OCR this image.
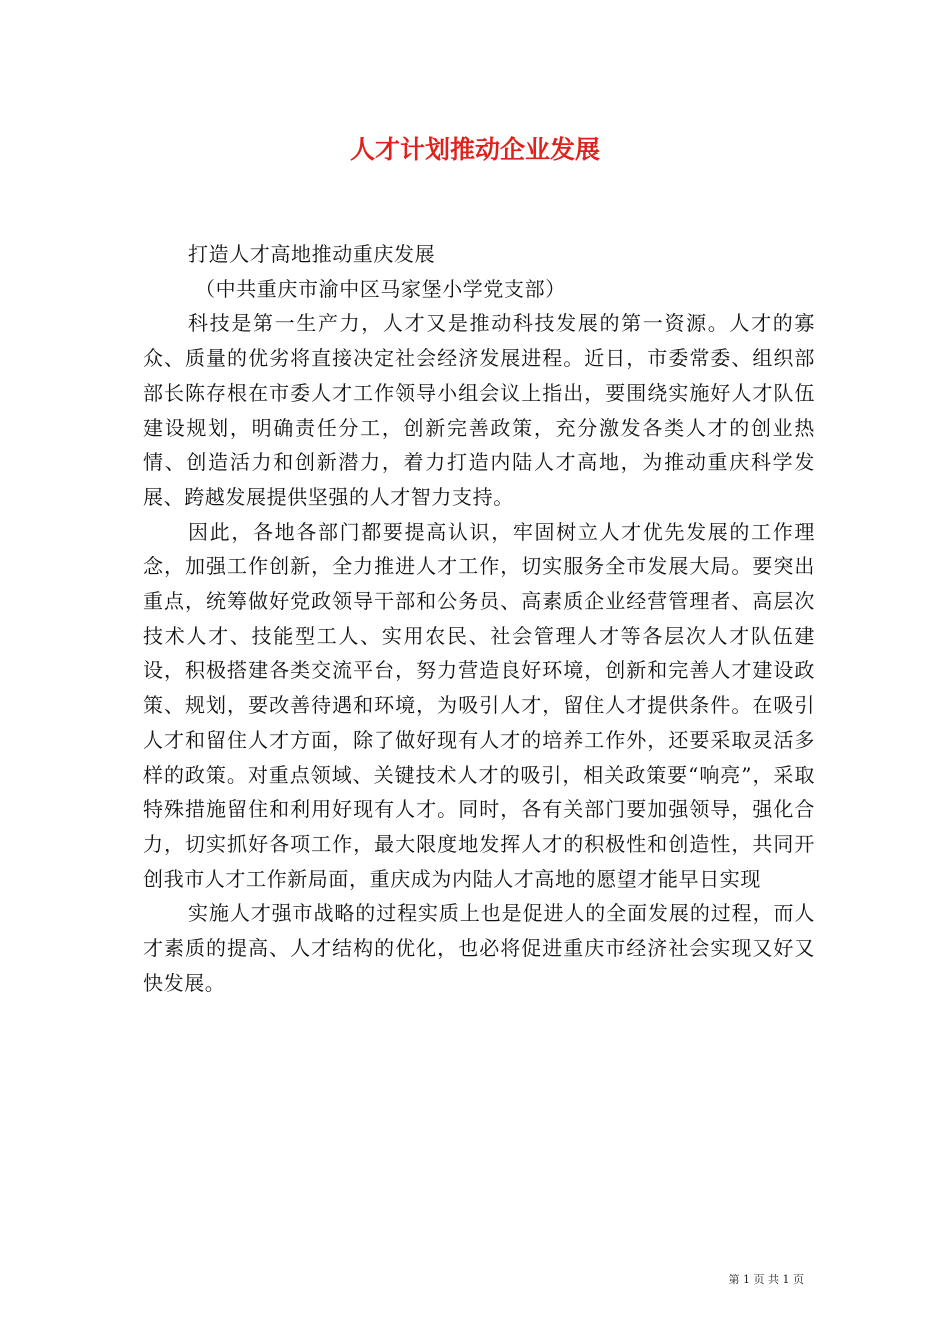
人才计划推动企业发展

打造人才高地推动重庆发展

（中共重庆市渝中区马家堡小学党支部）

科技是第一生产力，人才又是推动科技发展的第一资源。人才的寡众、质量的优劣将直接决定社会经济发展进程。近日，市委常委、组织部部长陈存根在市委人才工作领导小组会议上指出，要围绕实施好人才队伍建设规划，明确责任分工，创新完善政策，充分激发各类人才的创业热情、创造活力和创新潜力，着力打造内陆人才高地，为推动重庆科学发展、跨越发展提供坚强的人才智力支持。

因此，各地各部门都要提高认识，牢固树立人才优先发展的工作理念，加强工作创新，全力推进人才工作，切实服务全市发展大局。要突出重点，统筹做好党政领导干部和公务员、高素质企业经营管理者、高层次技术人才、技能型工人、实用农民、社会管理人才等各层次人才队伍建设，积极搭建各类交流平台，努力营造良好环境，创新和完善人才建设政策、规划，要改善待遇和环境，为吸引人才，留住人才提供条件。在吸引人才和留住人才方面，除了做好现有人才的培养工作外，还要采取灵活多样的政策。对重点领域、关键技术人才的吸引，相关政策要“响亮”，采取特殊措施留住和利用好现有人才。同时，各有关部门要加强领导，强化合力，切实抓好各项工作，最大限度地发挥人才的积极性和创造性，共同开创我市人才工作新局面，重庆成为内陆人才高地的愿望才能早日实现

实施人才强市战略的过程实质上也是促进人的全面发展的过程，而人才素质的提高、人才结构的优化，也必将促进重庆市经济社会实现又好又快发展。

第 1 页 共 1 页
